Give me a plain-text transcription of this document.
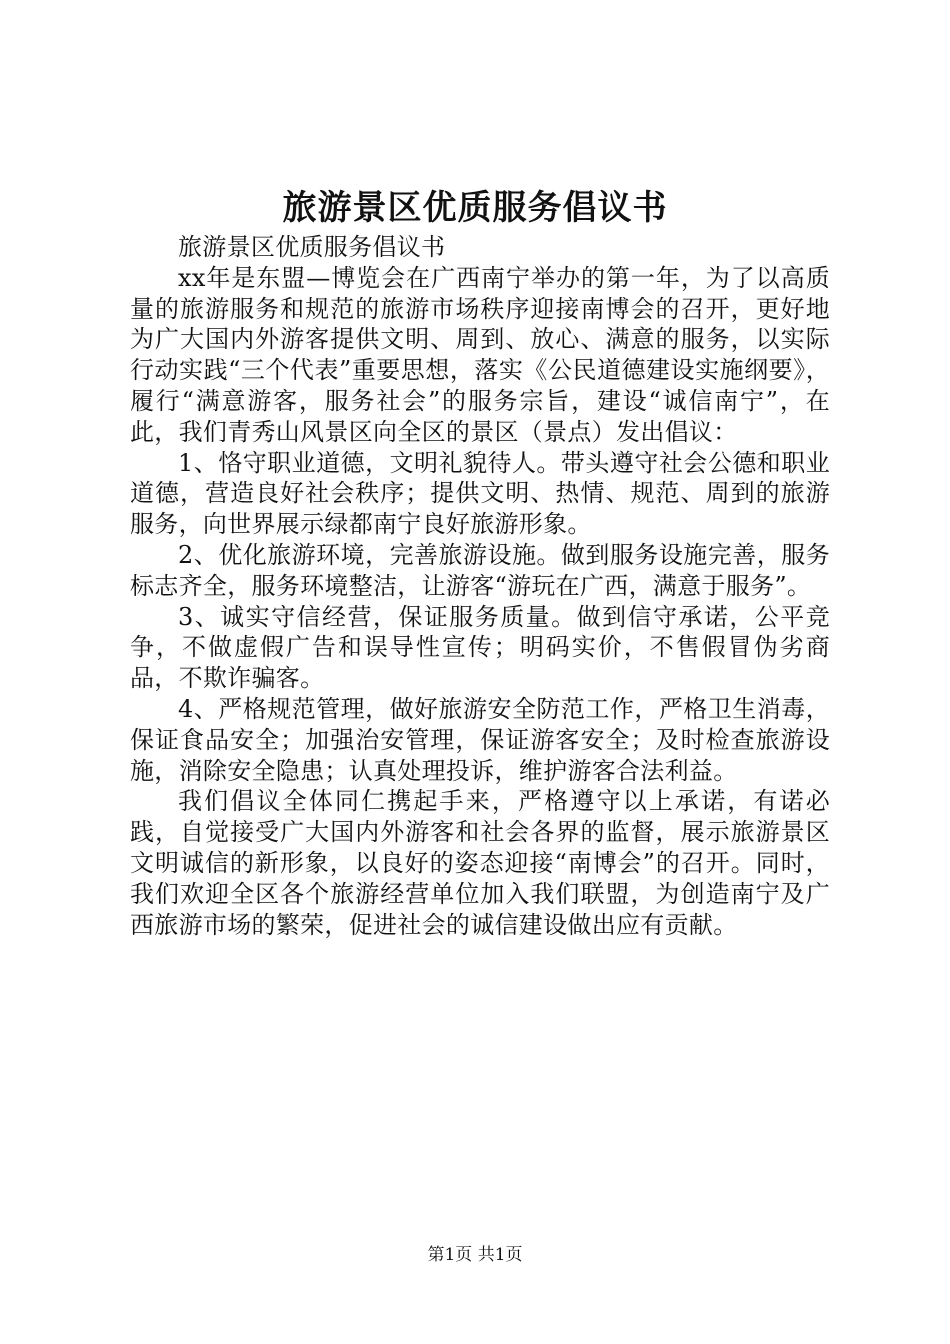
旅游景区优质服务倡议书

旅游景区优质服务倡议书

xx年是东盟—博览会在广西南宁举办的第一年，为了以高质量的旅游服务和规范的旅游市场秩序迎接南博会的召开，更好地为广大国内外游客提供文明、周到、放心、满意的服务，以实际行动实践“三个代表”重要思想，落实《公民道德建设实施纲要》，履行“满意游客，服务社会”的服务宗旨，建设“诚信南宁”，在此，我们青秀山风景区向全区的景区（景点）发出倡议：

1、恪守职业道德，文明礼貌待人。带头遵守社会公德和职业道德，营造良好社会秩序；提供文明、热情、规范、周到的旅游服务，向世界展示绿都南宁良好旅游形象。

2、优化旅游环境，完善旅游设施。做到服务设施完善，服务标志齐全，服务环境整洁，让游客“游玩在广西，满意于服务”。

3、诚实守信经营，保证服务质量。做到信守承诺，公平竞争，不做虚假广告和误导性宣传；明码实价，不售假冒伪劣商品，不欺诈骗客。

4、严格规范管理，做好旅游安全防范工作，严格卫生消毒，保证食品安全；加强治安管理，保证游客安全；及时检查旅游设施，消除安全隐患；认真处理投诉，维护游客合法利益。

我们倡议全体同仁携起手来，严格遵守以上承诺，有诺必践，自觉接受广大国内外游客和社会各界的监督，展示旅游景区文明诚信的新形象，以良好的姿态迎接“南博会”的召开。同时，我们欢迎全区各个旅游经营单位加入我们联盟，为创造南宁及广西旅游市场的繁荣，促进社会的诚信建设做出应有贡献。

第1页 共1页
